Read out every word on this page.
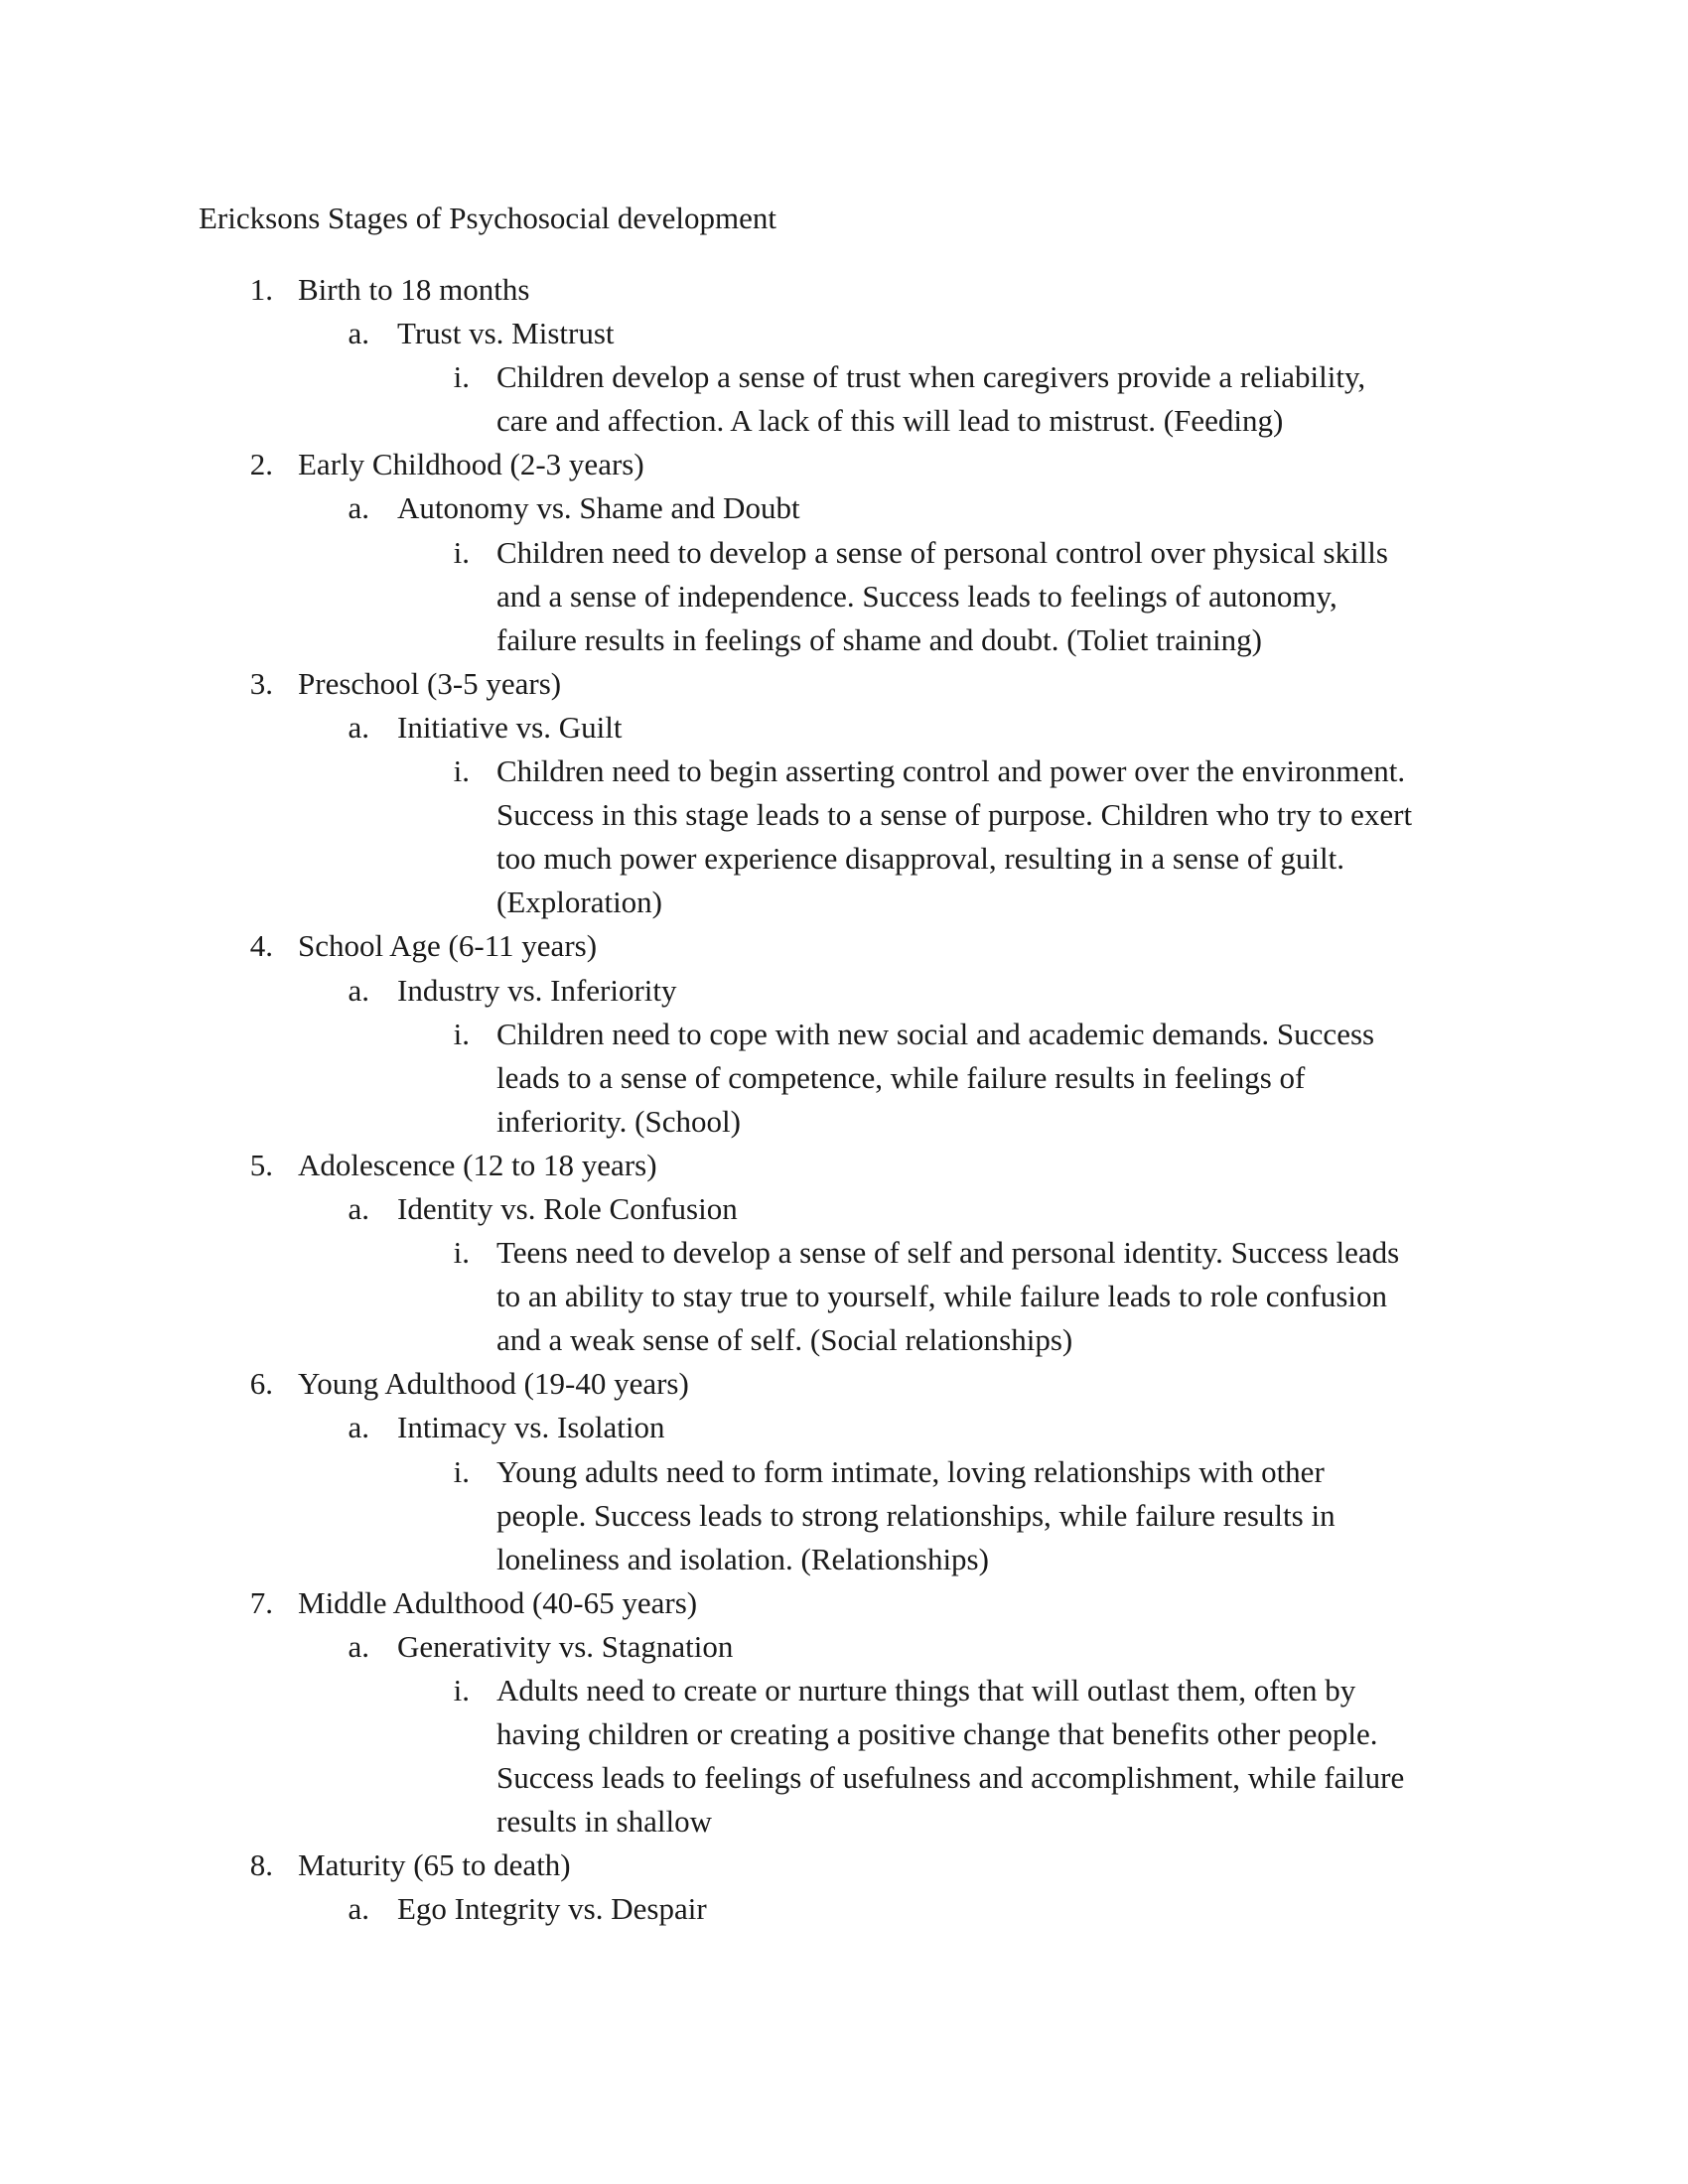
Ericksons Stages of Psychosocial development
1. Birth to 18 months
a. Trust vs. Mistrust
i. Children develop a sense of trust when caregivers provide a reliability,
care and affection. A lack of this will lead to mistrust. (Feeding)
2. Early Childhood (2-3 years)
a. Autonomy vs. Shame and Doubt
i. Children need to develop a sense of personal control over physical skills
and a sense of independence. Success leads to feelings of autonomy,
failure results in feelings of shame and doubt. (Toliet training)
3. Preschool (3-5 years)
a. Initiative vs. Guilt
i. Children need to begin asserting control and power over the environment.
Success in this stage leads to a sense of purpose. Children who try to exert
too much power experience disapproval, resulting in a sense of guilt.
(Exploration)
4. School Age (6-11 years)
a. Industry vs. Inferiority
i. Children need to cope with new social and academic demands. Success
leads to a sense of competence, while failure results in feelings of
inferiority. (School)
5. Adolescence (12 to 18 years)
a. Identity vs. Role Confusion
i. Teens need to develop a sense of self and personal identity. Success leads
to an ability to stay true to yourself, while failure leads to role confusion
and a weak sense of self. (Social relationships)
6. Young Adulthood (19-40 years)
a. Intimacy vs. Isolation
i. Young adults need to form intimate, loving relationships with other
people. Success leads to strong relationships, while failure results in
loneliness and isolation. (Relationships)
7. Middle Adulthood (40-65 years)
a. Generativity vs. Stagnation
i. Adults need to create or nurture things that will outlast them, often by
having children or creating a positive change that benefits other people.
Success leads to feelings of usefulness and accomplishment, while failure
results in shallow
8. Maturity (65 to death)
a. Ego Integrity vs. Despair
